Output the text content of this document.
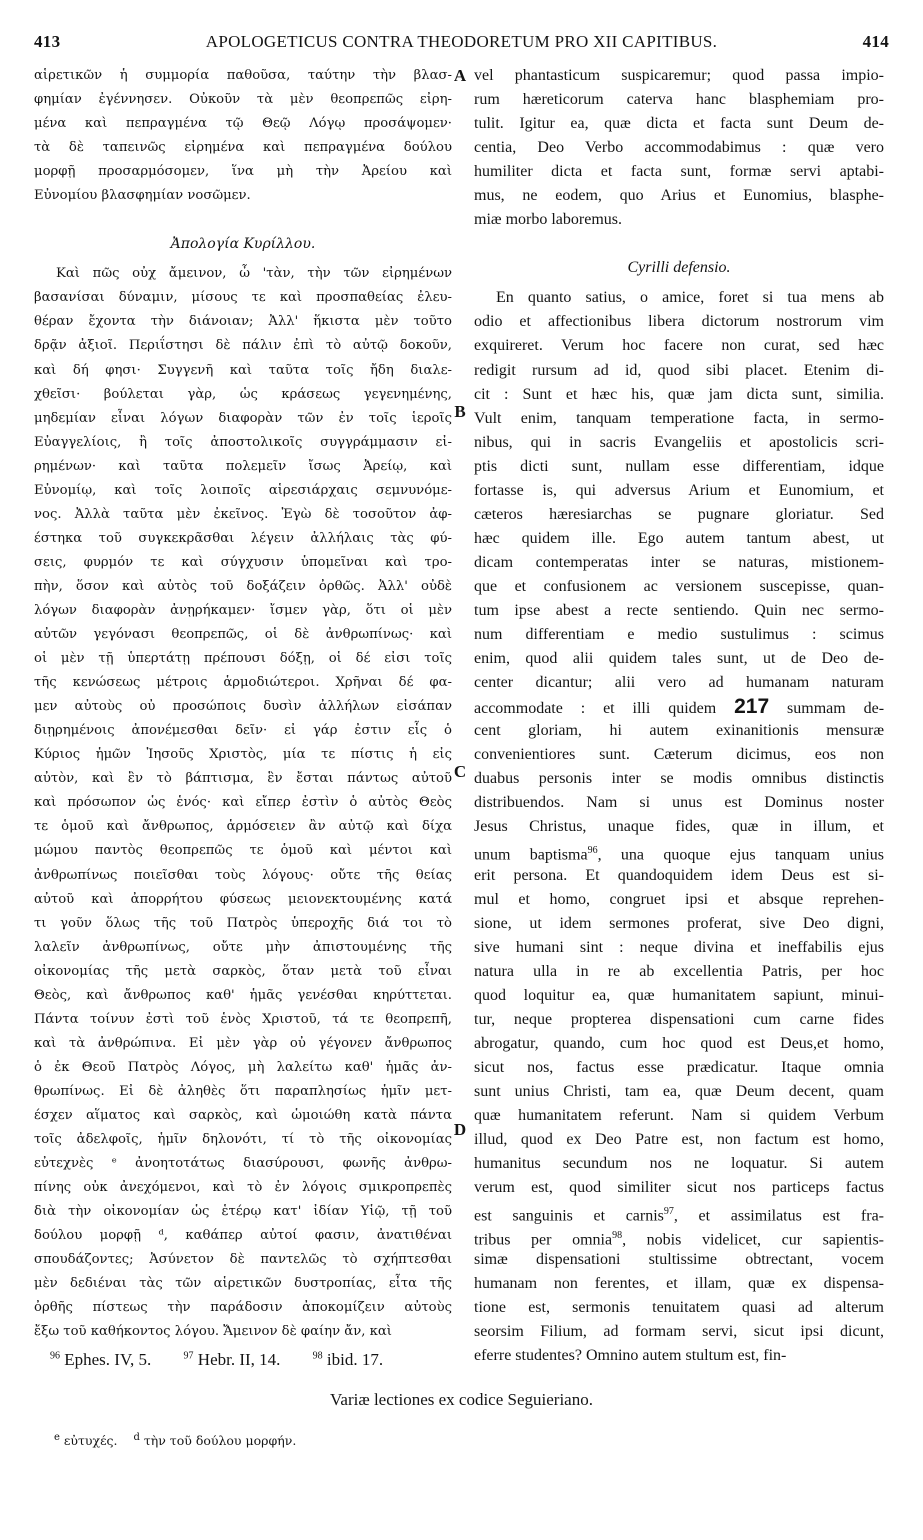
413	APOLOGETICUS CONTRA THEODORETUM PRO XII CAPITIBUS.	414
A
B
C
D
αἱρετικῶν ἡ συμμορία παθοῦσα, ταύτην τὴν βλασ-
φημίαν ἐγέννησεν. Οὐκοῦν τὰ μὲν θεοπρεπῶς εἰρη-
μένα καὶ πεπραγμένα τῷ Θεῷ Λόγῳ προσάψομεν·
τὰ δὲ ταπεινῶς εἰρημένα καὶ πεπραγμένα δούλου
μορφῇ προσαρμόσομεν, ἵνα μὴ τὴν Ἀρείου καὶ
Εὐνομίου βλασφημίαν νοσῶμεν.
Ἀπολογία Κυρίλλου.
Καὶ πῶς οὐχ ἄμεινον, ὦ 'τὰν, τὴν τῶν εἰρημένων
βασανίσαι δύναμιν, μίσους τε καὶ προσπαθείας ἐλευ-
θέραν ἔχοντα τὴν διάνοιαν; Ἀλλ' ἥκιστα μὲν τοῦτο
δρᾷν ἀξιοῖ. Περιΐστησι δὲ πάλιν ἐπὶ τὸ αὐτῷ δοκοῦν,
καὶ δή φησι· Συγγενῆ καὶ ταῦτα τοῖς ἤδη διαλε-
χθεῖσι· βούλεται γὰρ, ὡς κράσεως γεγενημένης,
μηδεμίαν εἶναι λόγων διαφορὰν τῶν ἐν τοῖς ἱεροῖς
Εὐαγγελίοις, ἢ τοῖς ἀποστολικοῖς συγγράμμασιν εἰ-
ρημένων· καὶ ταῦτα πολεμεῖν ἴσως Ἀρείῳ, καὶ
Εὐνομίῳ, καὶ τοῖς λοιποῖς αἱρεσιάρχαις σεμνυνόμε-
νος. Ἀλλὰ ταῦτα μὲν ἐκεῖνος. Ἐγὼ δὲ τοσοῦτον ἀφ-
έστηκα τοῦ συγκεκρᾶσθαι λέγειν ἀλλήλαις τὰς φύ-
σεις, φυρμόν τε καὶ σύγχυσιν ὑπομεῖναι καὶ τρο-
πὴν, ὅσον καὶ αὐτὸς τοῦ δοξάζειν ὀρθῶς. Ἀλλ' οὐδὲ
λόγων διαφορὰν ἀνῃρήκαμεν· ἴσμεν γὰρ, ὅτι οἱ μὲν
αὐτῶν γεγόνασι θεοπρεπῶς, οἱ δὲ ἀνθρωπίνως· καὶ
οἱ μὲν τῇ ὑπερτάτῃ πρέπουσι δόξῃ, οἱ δέ εἰσι τοῖς
τῆς κενώσεως μέτροις ἁρμοδιώτεροι. Χρῆναι δέ φα-
μεν αὐτοὺς οὐ προσώποις δυσὶν ἀλλήλων εἰσάπαν
διῃρημένοις ἀπονέμεσθαι δεῖν· εἰ γάρ ἐστιν εἷς ὁ
Κύριος ἡμῶν Ἰησοῦς Χριστὸς, μία τε πίστις ἡ εἰς
αὐτὸν, καὶ ἓν τὸ βάπτισμα, ἓν ἔσται πάντως αὐτοῦ
καὶ πρόσωπον ὡς ἑνός· καὶ εἴπερ ἐστὶν ὁ αὐτὸς Θεὸς
τε ὁμοῦ καὶ ἄνθρωπος, ἁρμόσειεν ἂν αὐτῷ καὶ δίχα
μώμου παντὸς θεοπρεπῶς τε ὁμοῦ καὶ μέντοι καὶ
ἀνθρωπίνως ποιεῖσθαι τοὺς λόγους· οὔτε τῆς θείας
αὐτοῦ καὶ ἀπορρήτου φύσεως μειονεκτουμένης κατά
τι γοῦν ὅλως τῆς τοῦ Πατρὸς ὑπεροχῆς διά τοι τὸ
λαλεῖν ἀνθρωπίνως, οὔτε μὴν ἀπιστουμένης τῆς
οἰκονομίας τῆς μετὰ σαρκὸς, ὅταν μετὰ τοῦ εἶναι
Θεὸς, καὶ ἄνθρωπος καθ' ἡμᾶς γενέσθαι κηρύττεται.
Πάντα τοίνυν ἐστὶ τοῦ ἑνὸς Χριστοῦ, τά τε θεοπρεπῆ,
καὶ τὰ ἀνθρώπινα. Εἰ μὲν γὰρ οὐ γέγονεν ἄνθρωπος
ὁ ἐκ Θεοῦ Πατρὸς Λόγος, μὴ λαλείτω καθ' ἡμᾶς ἀν-
θρωπίνως. Εἰ δὲ ἀληθὲς ὅτι παραπλησίως ἡμῖν μετ-
έσχεν αἵματος καὶ σαρκὸς, καὶ ὡμοιώθη κατὰ πάντα
τοῖς ἀδελφοῖς, ἡμῖν δηλονότι, τί τὸ τῆς οἰκονομίας
εὐτεχνὲς ᵉ ἀνοητοτάτως διασύρουσι, φωνῆς ἀνθρω-
πίνης οὐκ ἀνεχόμενοι, καὶ τὸ ἐν λόγοις σμικροπρεπὲς
διὰ τὴν οἰκονομίαν ὡς ἑτέρῳ κατ' ἰδίαν Υἱῷ, τῇ τοῦ
δούλου μορφῇ ᵈ, καθάπερ αὐτοί φασιν, ἀνατιθέναι
σπουδάζοντες; Ἀσύνετον δὲ παντελῶς τὸ σχήπτεσθαι
μὲν δεδιέναι τὰς τῶν αἱρετικῶν δυστροπίας, εἶτα τῆς
ὀρθῆς πίστεως τὴν παράδοσιν ἀποκομίζειν αὐτοὺς
ἔξω τοῦ καθήκοντος λόγου. Ἄμεινον δὲ φαίην ἄν, καὶ
vel phantasticum suspicaremur; quod passa impio-
rum hæreticorum caterva hanc blasphemiam pro-
tulit. Igitur ea, quæ dicta et facta sunt Deum de-
centia, Deo Verbo accommodabimus : quæ vero
humiliter dicta et facta sunt, formæ servi aptabi-
mus, ne eodem, quo Arius et Eunomius, blasphe-
miæ morbo laboremus.
Cyrilli defensio.
En quanto satius, o amice, foret si tua mens ab
odio et affectionibus libera dictorum nostrorum vim
exquireret. Verum hoc facere non curat, sed hæc
redigit rursum ad id, quod sibi placet. Etenim di-
cit : Sunt et hæc his, quæ jam dicta sunt, similia.
Vult enim, tanquam temperatione facta, in sermo-
nibus, qui in sacris Evangeliis et apostolicis scri-
ptis dicti sunt, nullam esse differentiam, idque
fortasse is, qui adversus Arium et Eunomium, et
cæteros hæresiarchas se pugnare gloriatur. Sed
hæc quidem ille. Ego autem tantum abest, ut
dicam contemperatas inter se naturas, mistionem-
que et confusionem ac versionem suscepisse, quan-
tum ipse abest a recte sentiendo. Quin nec sermo-
num differentiam e medio sustulimus : scimus
enim, quod alii quidem tales sunt, ut de Deo de-
center dicantur; alii vero ad humanam naturam
accommodate : et illi quidem 217 summam de-
cent gloriam, hi autem exinanitionis mensuræ
convenientiores sunt. Cæterum dicimus, eos non
duabus personis inter se modis omnibus distinctis
distribuendos. Nam si unus est Dominus noster
Jesus Christus, unaque fides, quæ in illum, et
unum baptisma$^{96}$, una quoque ejus tanquam unius
erit persona. Et quandoquidem idem Deus est si-
mul et homo, congruet ipsi et absque reprehen-
sione, ut idem sermones proferat, sive Deo digni,
sive humani sint : neque divina et ineffabilis ejus
natura ulla in re ab excellentia Patris, per hoc
quod loquitur ea, quæ humanitatem sapiunt, minui-
tur, neque propterea dispensationi cum carne fides
abrogatur, quando, cum hoc quod est Deus,et homo,
sicut nos, factus esse prædicatur. Itaque omnia
sunt unius Christi, tam ea, quæ Deum decent, quam
quæ humanitatem referunt. Nam si quidem Verbum
illud, quod ex Deo Patre est, non factum est homo,
humanitus secundum nos ne loquatur. Si autem
verum est, quod similiter sicut nos particeps factus
est sanguinis et carnis$^{97}$, et assimilatus est fra-
tribus per omnia$^{98}$, nobis videlicet, cur sapientis-
simæ dispensationi stultissime obtrectant, vocem
humanam non ferentes, et illam, quæ ex dispensa-
tione est, sermonis tenuitatem quasi ad alterum
seorsim Filium, ad formam servi, sicut ipsi dicunt,
eferre studentes? Omnino autem stultum est, fin-
$^{96}$ Ephes. IV, 5.	$^{97}$ Hebr. II, 14.	$^{98}$ ibid. 17.
Variæ lectiones ex codice Seguieriano.
$^e$ εὐτυχές. $^d$ τὴν τοῦ δούλου μορφήν.
